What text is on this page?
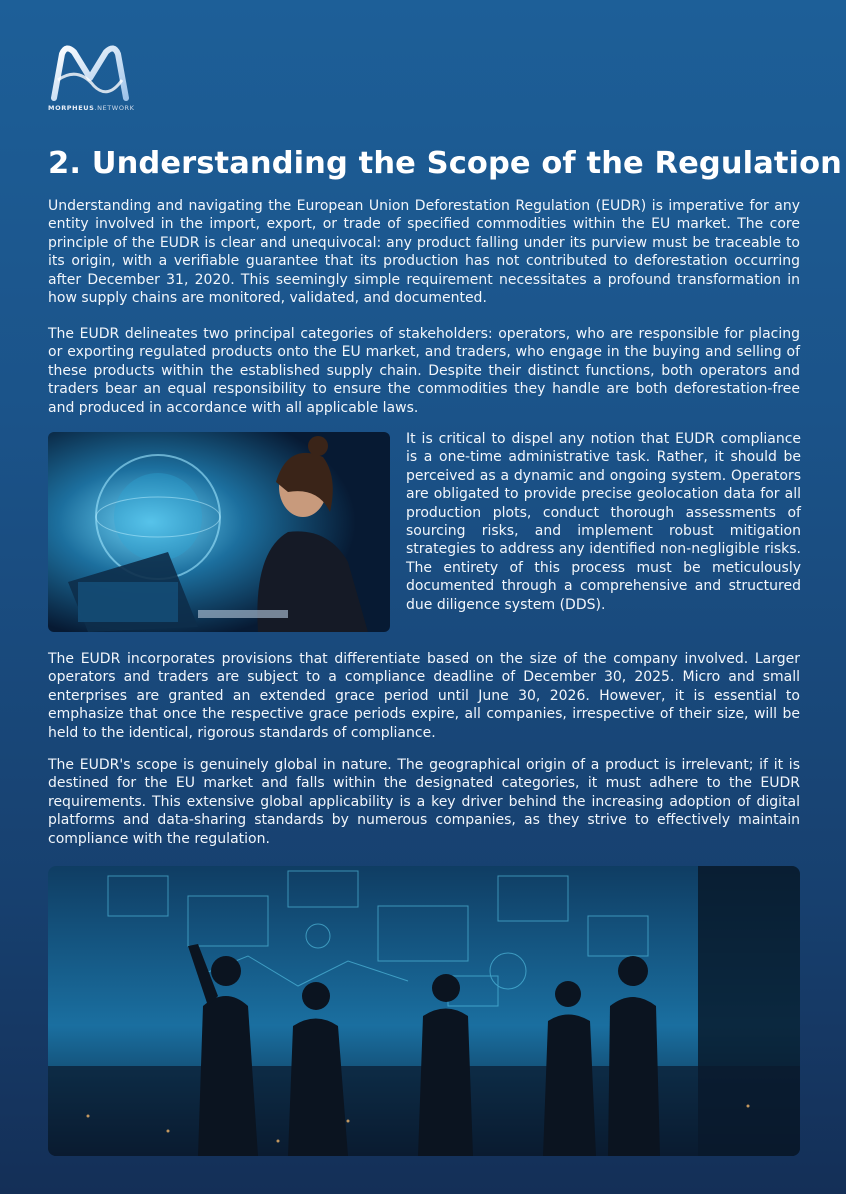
MORPHEUS.NETWORK
2. Understanding the Scope of the Regulation

Understanding and navigating the European Union Deforestation Regulation (EUDR) is imperative for any entity involved in the import, export, or trade of specified commodities within the EU market. The core principle of the EUDR is clear and unequivocal: any product falling under its purview must be traceable to its origin, with a verifiable guarantee that its production has not contributed to deforestation occurring after December 31, 2020. This seemingly simple requirement necessitates a profound transformation in how supply chains are monitored, validated, and documented.

The EUDR delineates two principal categories of stakeholders: operators, who are responsible for placing or exporting regulated products onto the EU market, and traders, who engage in the buying and selling of these products within the established supply chain. Despite their distinct functions, both operators and traders bear an equal responsibility to ensure the commodities they handle are both deforestation-free and produced in accordance with all applicable laws.

It is critical to dispel any notion that EUDR compliance is a one-time administrative task. Rather, it should be perceived as a dynamic and ongoing system. Operators are obligated to provide precise geolocation data for all production plots, conduct thorough assessments of sourcing risks, and implement robust mitigation strategies to address any identified non-negligible risks. The entirety of this process must be meticulously documented through a comprehensive and structured due diligence system (DDS).

The EUDR incorporates provisions that differentiate based on the size of the company involved. Larger operators and traders are subject to a compliance deadline of December 30, 2025. Micro and small enterprises are granted an extended grace period until June 30, 2026. However, it is essential to emphasize that once the respective grace periods expire, all companies, irrespective of their size, will be held to the identical, rigorous standards of compliance.

The EUDR's scope is genuinely global in nature. The geographical origin of a product is irrelevant; if it is destined for the EU market and falls within the designated categories, it must adhere to the EUDR requirements. This extensive global applicability is a key driver behind the increasing adoption of digital platforms and data-sharing standards by numerous companies, as they strive to effectively maintain compliance with the regulation.
